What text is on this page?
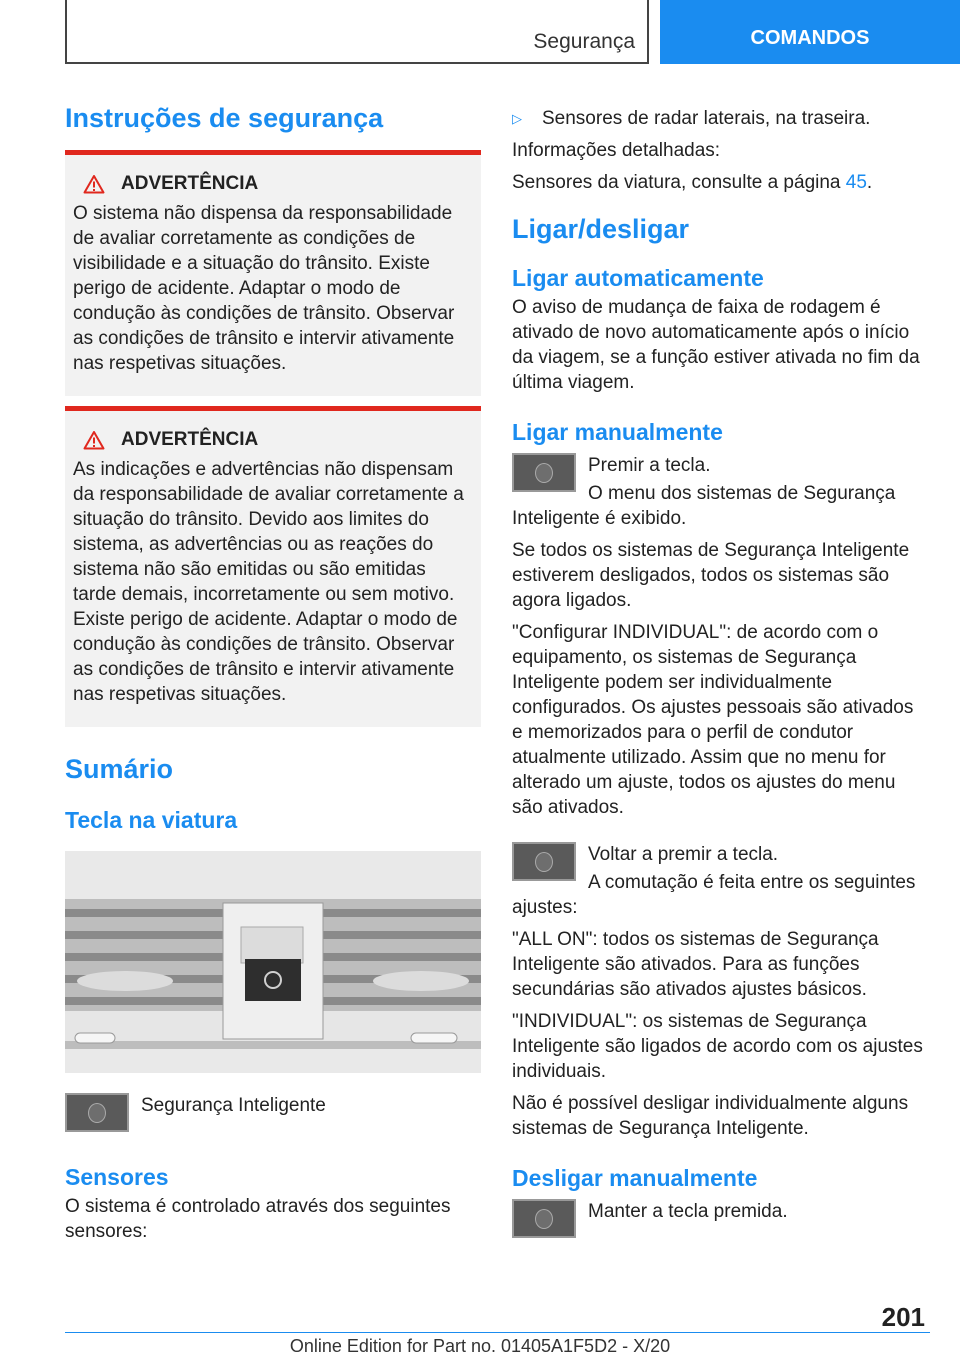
Segurança	COMANDOS
Instruções de segurança
ADVERTÊNCIA

O sistema não dispensa da responsabilidade de avaliar corretamente as condições de visibilidade e a situação do trânsito. Existe perigo de acidente. Adaptar o modo de condução às condições de trânsito. Observar as condições de trânsito e intervir ativamente nas respetivas situações.

ADVERTÊNCIA

As indicações e advertências não dispensam da responsabilidade de avaliar corretamente a situação do trânsito. Devido aos limites do sistema, as advertências ou as reações do sistema não são emitidas ou são emitidas tarde demais, incorretamente ou sem motivo. Existe perigo de acidente. Adaptar o modo de condução às condições de trânsito. Observar as condições de trânsito e intervir ativamente nas respetivas situações.

Sumário
Tecla na viatura

Segurança Inteligente

Sensores

O sistema é controlado através dos seguintes sensores:

▷	Sensores de radar laterais, na traseira.

Informações detalhadas:

Sensores da viatura, consulte a página 45.

Ligar/desligar
Ligar automaticamente

O aviso de mudança de faixa de rodagem é ativado de novo automaticamente após o início da viagem, se a função estiver ativada no fim da última viagem.

Ligar manualmente

Premir a tecla.

O menu dos sistemas de Segurança Inteligente é exibido.

Se todos os sistemas de Segurança Inteligente estiverem desligados, todos os sistemas são agora ligados.

"Configurar INDIVIDUAL": de acordo com o equipamento, os sistemas de Segurança Inteligente podem ser individualmente configurados. Os ajustes pessoais são ativados e memorizados para o perfil de condutor atualmente utilizado. Assim que no menu for alterado um ajuste, todos os ajustes do menu são ativados.

Voltar a premir a tecla.

A comutação é feita entre os seguintes ajustes:

"ALL ON": todos os sistemas de Segurança Inteligente são ativados. Para as funções secundárias são ativados ajustes básicos.

"INDIVIDUAL": os sistemas de Segurança Inteligente são ligados de acordo com os ajustes individuais.

Não é possível desligar individualmente alguns sistemas de Segurança Inteligente.

Desligar manualmente

Manter a tecla premida.

201
Online Edition for Part no. 01405A1F5D2 - X/20
